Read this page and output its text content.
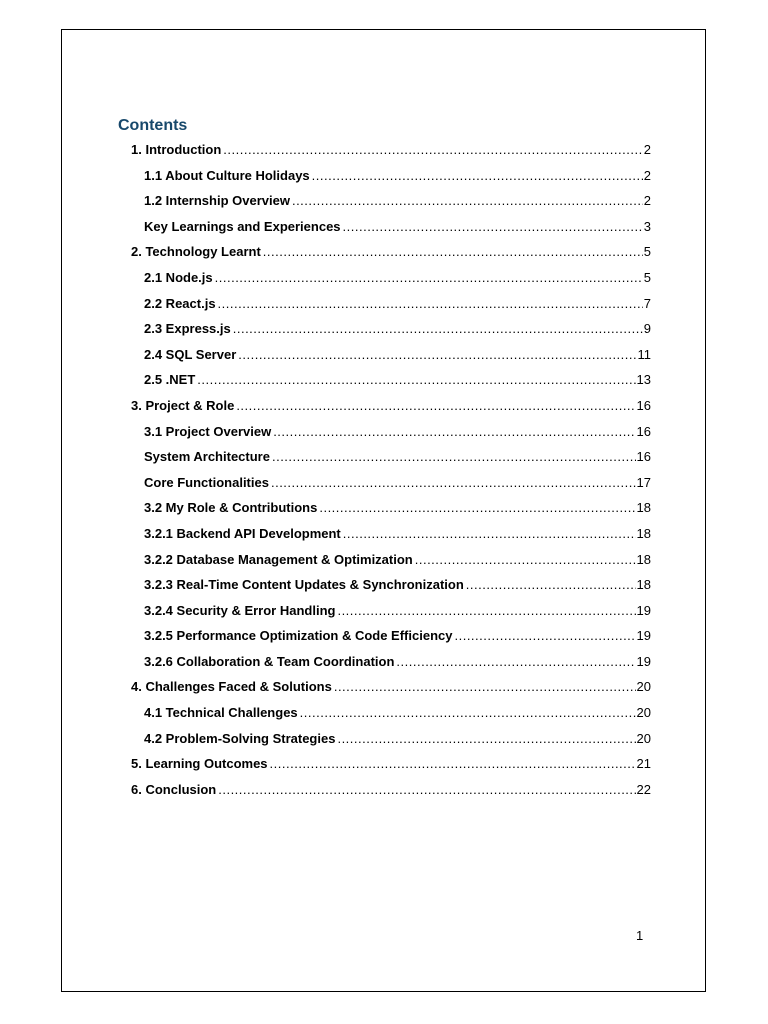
Contents
1. Introduction .....	2
1.1 About Culture Holidays .....	2
1.2 Internship Overview .....	2
Key Learnings and Experiences .....	3
2. Technology Learnt .....	5
2.1 Node.js .....	5
2.2 React.js .....	7
2.3 Express.js .....	9
2.4 SQL Server .....	11
2.5 .NET .....	13
3. Project & Role .....	16
3.1 Project Overview .....	16
System Architecture .....	16
Core Functionalities .....	17
3.2 My Role & Contributions .....	18
3.2.1 Backend API Development .....	18
3.2.2 Database Management & Optimization .....	18
3.2.3 Real-Time Content Updates & Synchronization .....	18
3.2.4 Security & Error Handling .....	19
3.2.5 Performance Optimization & Code Efficiency .....	19
3.2.6 Collaboration & Team Coordination .....	19
4. Challenges Faced & Solutions .....	20
4.1 Technical Challenges .....	20
4.2 Problem-Solving Strategies .....	20
5. Learning Outcomes .....	21
6. Conclusion .....	22
1
